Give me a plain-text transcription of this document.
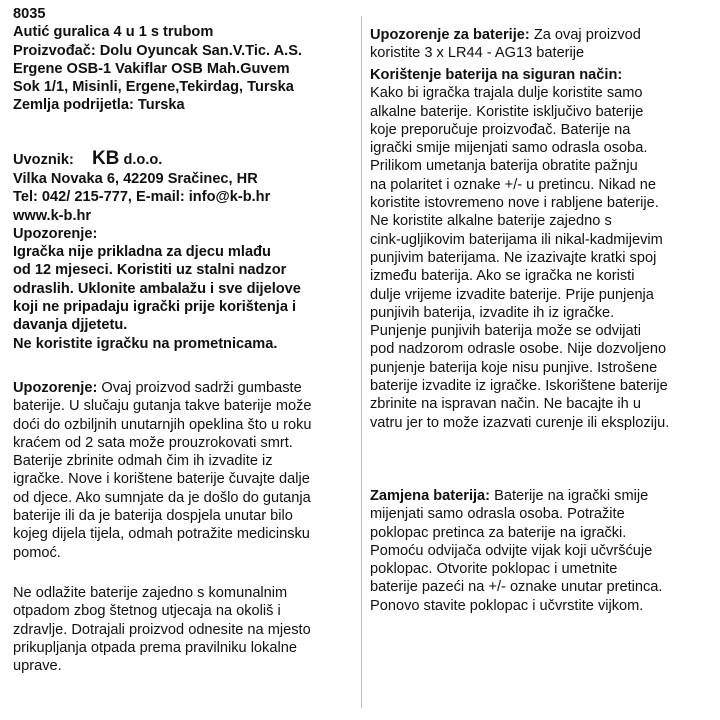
8035
Autić guralica 4 u 1 s trubom
Proizvođač: Dolu Oyuncak San.V.Tic. A.S.
Ergene OSB-1 Vakiflar OSB Mah.Guvem
Sok 1/1, Misinli, Ergene,Tekirdag, Turska
Zemlja podrijetla: Turska
Uvoznik: KB d.o.o.
Vilka Novaka 6, 42209 Sračinec, HR
Tel: 042/ 215-777, E-mail: info@k-b.hr
www.k-b.hr
Upozorenje:
Igračka nije prikladna za djecu mlađu
od 12 mjeseci. Koristiti uz stalni nadzor
odraslih. Uklonite ambalažu i sve dijelove
koji ne pripadaju igrački prije korištenja i
davanja djjetetu.
Ne koristite igračku na prometnicama.
Upozorenje: Ovaj proizvod sadrži gumbaste
baterije. U slučaju gutanja takve baterije može
doći do ozbiljnih unutarnjih opeklina što u roku
kraćem od 2 sata može prouzrokovati smrt.
Baterije zbrinite odmah čim ih izvadite iz
igračke. Nove i korištene baterije čuvajte dalje
od djece. Ako sumnjate da je došlo do gutanja
baterije ili da je baterija dospjela unutar bilo
kojeg dijela tijela, odmah potražite medicinsku
pomoć.
Ne odlažite baterije zajedno s komunalnim
otpadom zbog štetnog utjecaja na okoliš i
zdravlje. Dotrajali proizvod odnesite na mjesto
prikupljanja otpada prema pravilniku lokalne
uprave.
Upozorenje za baterije: Za ovaj proizvod
koristite 3 x LR44 - AG13 baterije
Korištenje baterija na siguran način:
Kako bi igračka trajala dulje koristite samo
alkalne baterije. Koristite isključivo baterije
koje preporučuje proizvođač. Baterije na
igrački smije mijenjati samo odrasla osoba.
Prilikom umetanja baterija obratite pažnju
na polaritet i oznake +/- u pretincu. Nikad ne
koristite istovremeno nove i rabljene baterije.
Ne koristite alkalne baterije zajedno s
cink-ugljikovim baterijama ili nikal-kadmijevim
punjivim baterijama. Ne izazivajte kratki spoj
između baterija. Ako se igračka ne koristi
dulje vrijeme izvadite baterije. Prije punjenja
punjivih baterija, izvadite ih iz igračke.
Punjenje punjivih baterija može se odvijati
pod nadzorom odrasle osobe. Nije dozvoljeno
punjenje baterija koje nisu punjive. Istrošene
baterije izvadite iz igračke. Iskorištene baterije
zbrinite na ispravan način. Ne bacajte ih u
vatru jer to može izazvati curenje ili eksploziju.
Zamjena baterija: Baterije na igrački smije
mijenjati samo odrasla osoba. Potražite
poklopac pretinca za baterije na igrački.
Pomoću odvijača odvijte vijak koji učvršćuje
poklopac. Otvorite poklopac i umetnite
baterije pazeći na +/- oznake unutar pretinca.
Ponovo stavite poklopac i učvrstite vijkom.
